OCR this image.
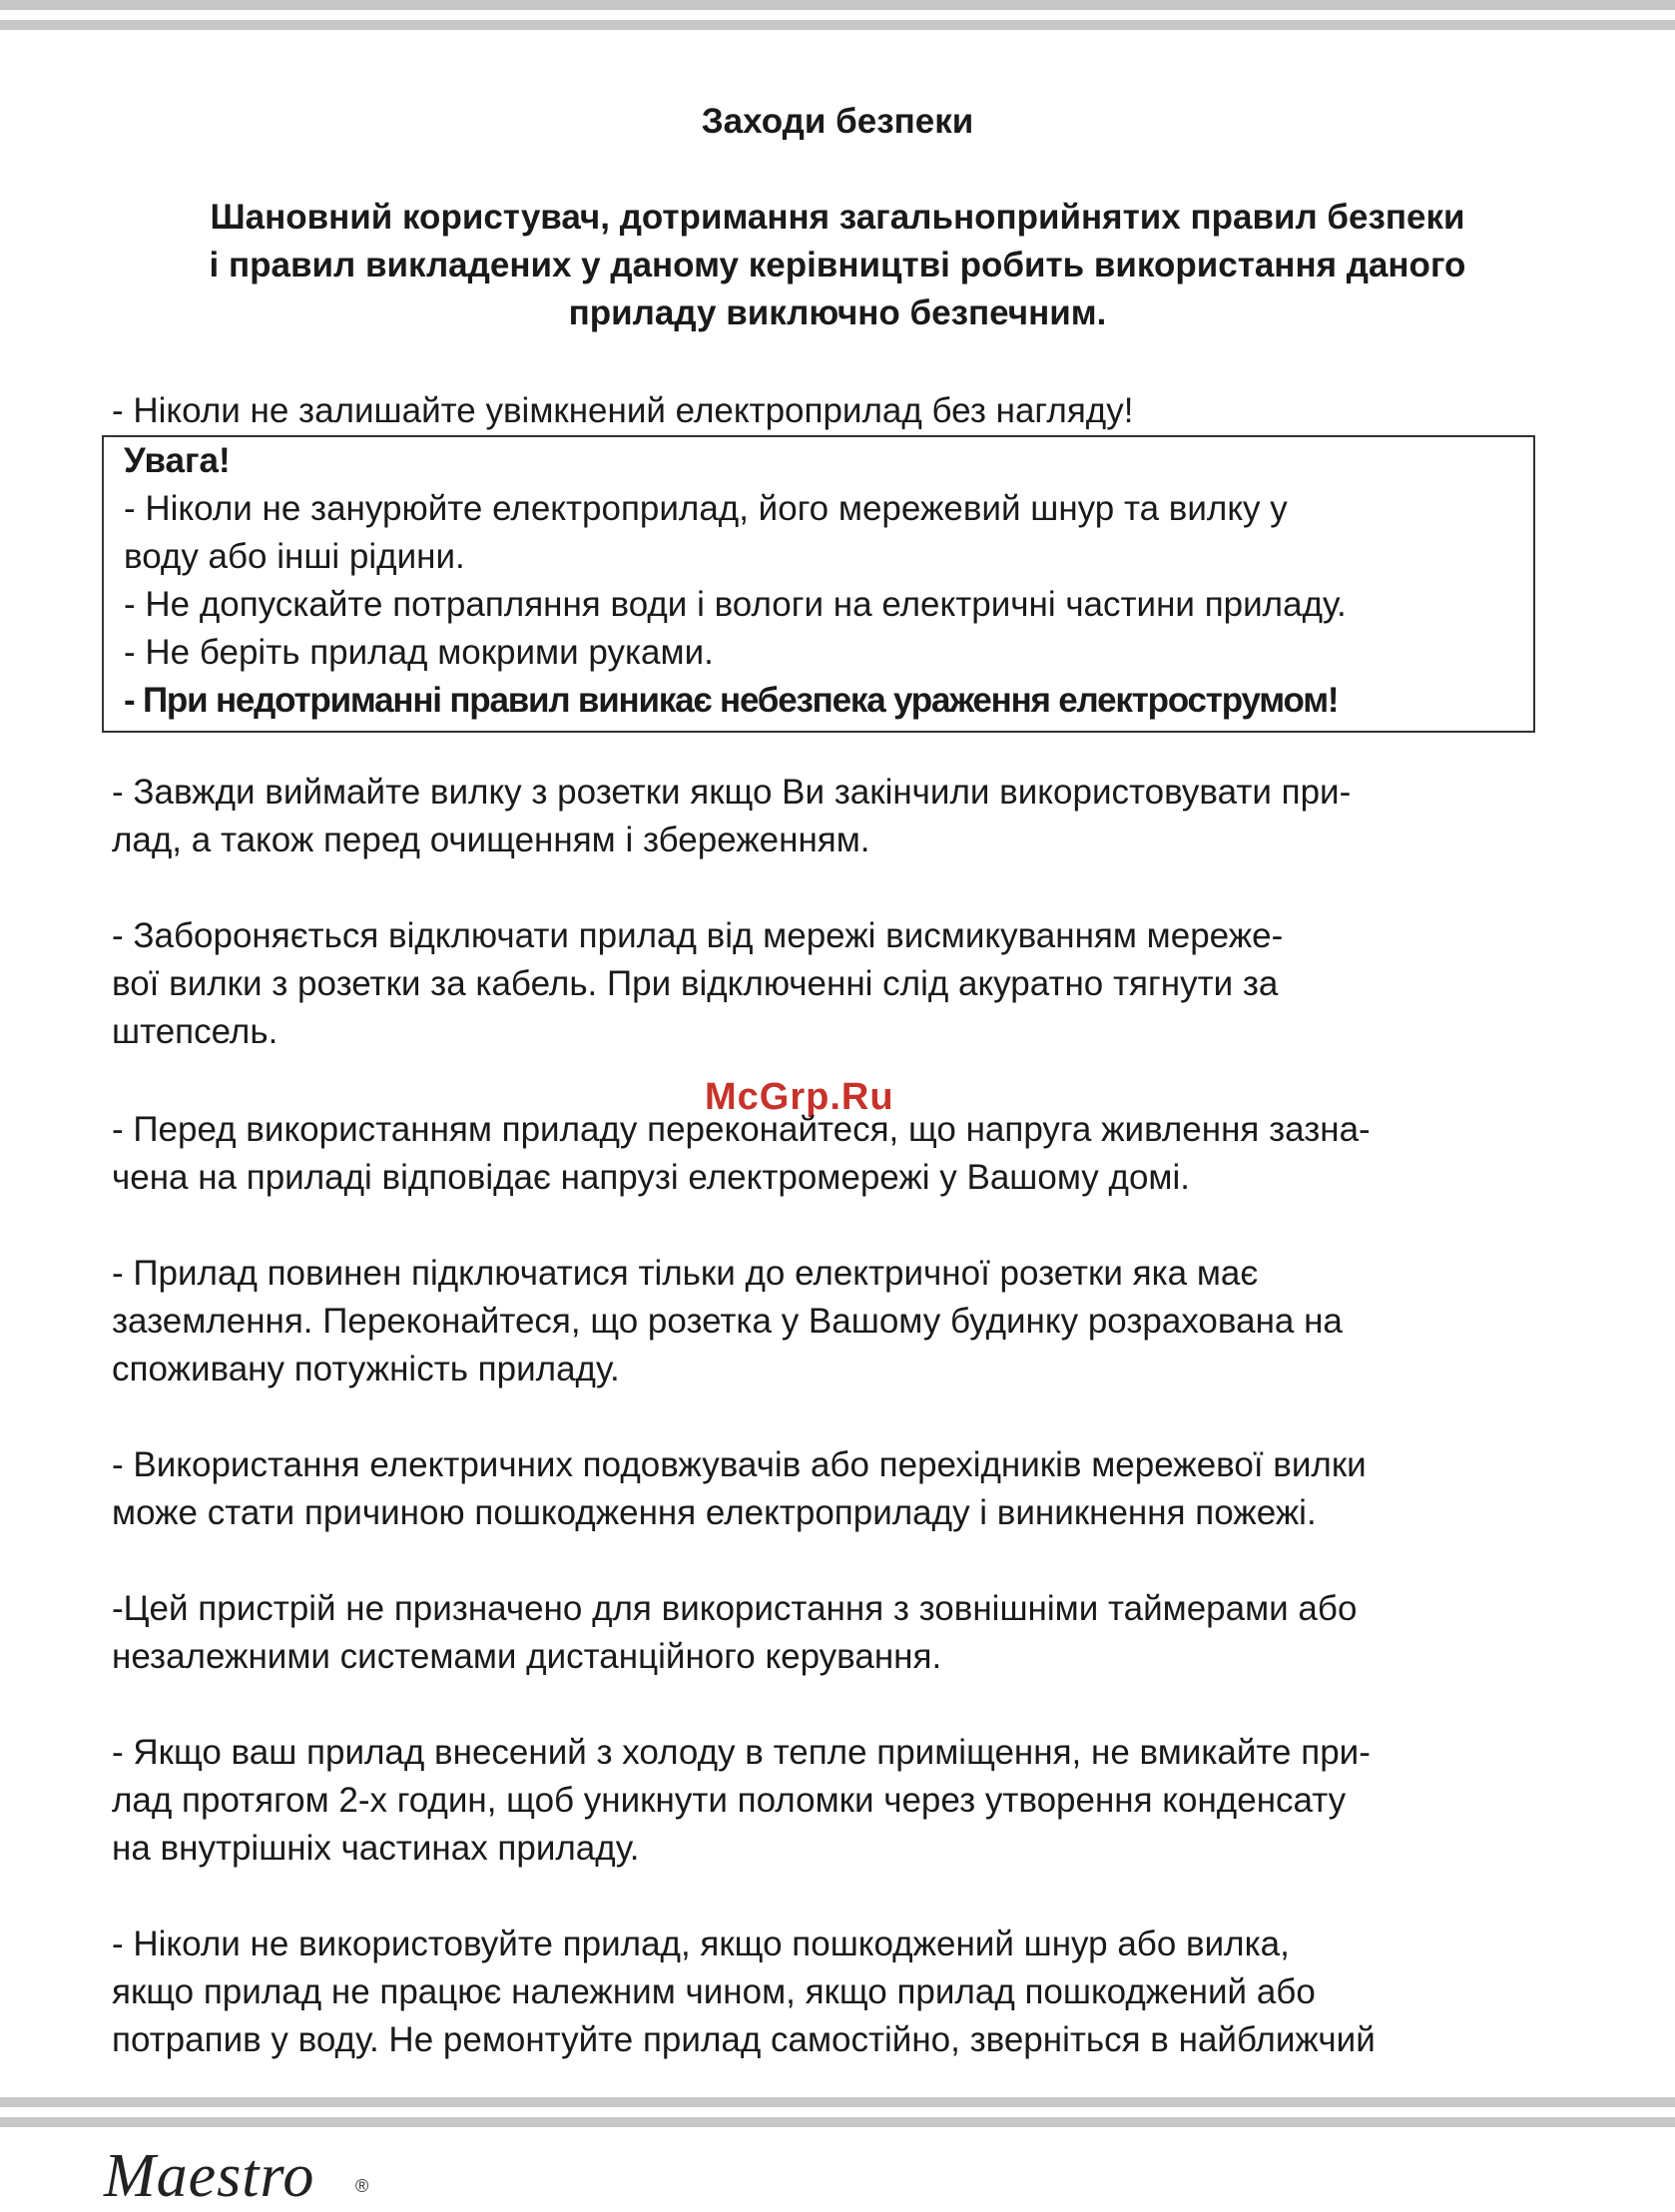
Заходи безпеки
Шановний користувач, дотримання загальноприйнятих правил безпеки
і правил викладених у даному керівництві робить використання даного
приладу виключно безпечним.
- Ніколи не залишайте увімкнений електроприлад без нагляду!
Увага!
- Ніколи не занурюйте електроприлад, його мережевий шнур та вилку у
воду або інші рідини.
- Не допускайте потрапляння води і вологи на електричні частини приладу.
- Не беріть прилад мокрими руками.
- При недотриманні правил виникає небезпека ураження електрострумом!
- Завжди виймайте вилку з розетки якщо Ви закінчили використовувати при-
лад, а також перед очищенням і збереженням.
- Забороняється відключати прилад від мережі висмикуванням мереже-
вої вилки з розетки за кабель. При відключенні слід акуратно тягнути за
штепсель.
McGrp.Ru
- Перед використанням приладу переконайтеся, що напруга живлення зазна-
чена на приладі відповідає напрузі електромережі у Вашому домі.
- Прилад повинен підключатися тільки до електричної розетки яка має
заземлення. Переконайтеся, що розетка у Вашому будинку розрахована на
споживану потужність приладу.
- Використання електричних подовжувачів або перехідників мережевої вилки
може стати причиною пошкодження електроприладу і виникнення пожежі.
-Цей пристрій не призначено для використання з зовнішніми таймерами або
незалежними системами дистанційного керування.
- Якщо ваш прилад внесений з холоду в тепле приміщення, не вмикайте при-
лад протягом 2-х годин, щоб уникнути поломки через утворення конденсату
на внутрішніх частинах приладу.
- Ніколи не використовуйте прилад, якщо пошкоджений шнур або вилка,
якщо прилад не працює належним чином, якщо прилад пошкоджений або
потрапив у воду. Не ремонтуйте прилад самостійно, зверніться в найближчий
Maestro ®
